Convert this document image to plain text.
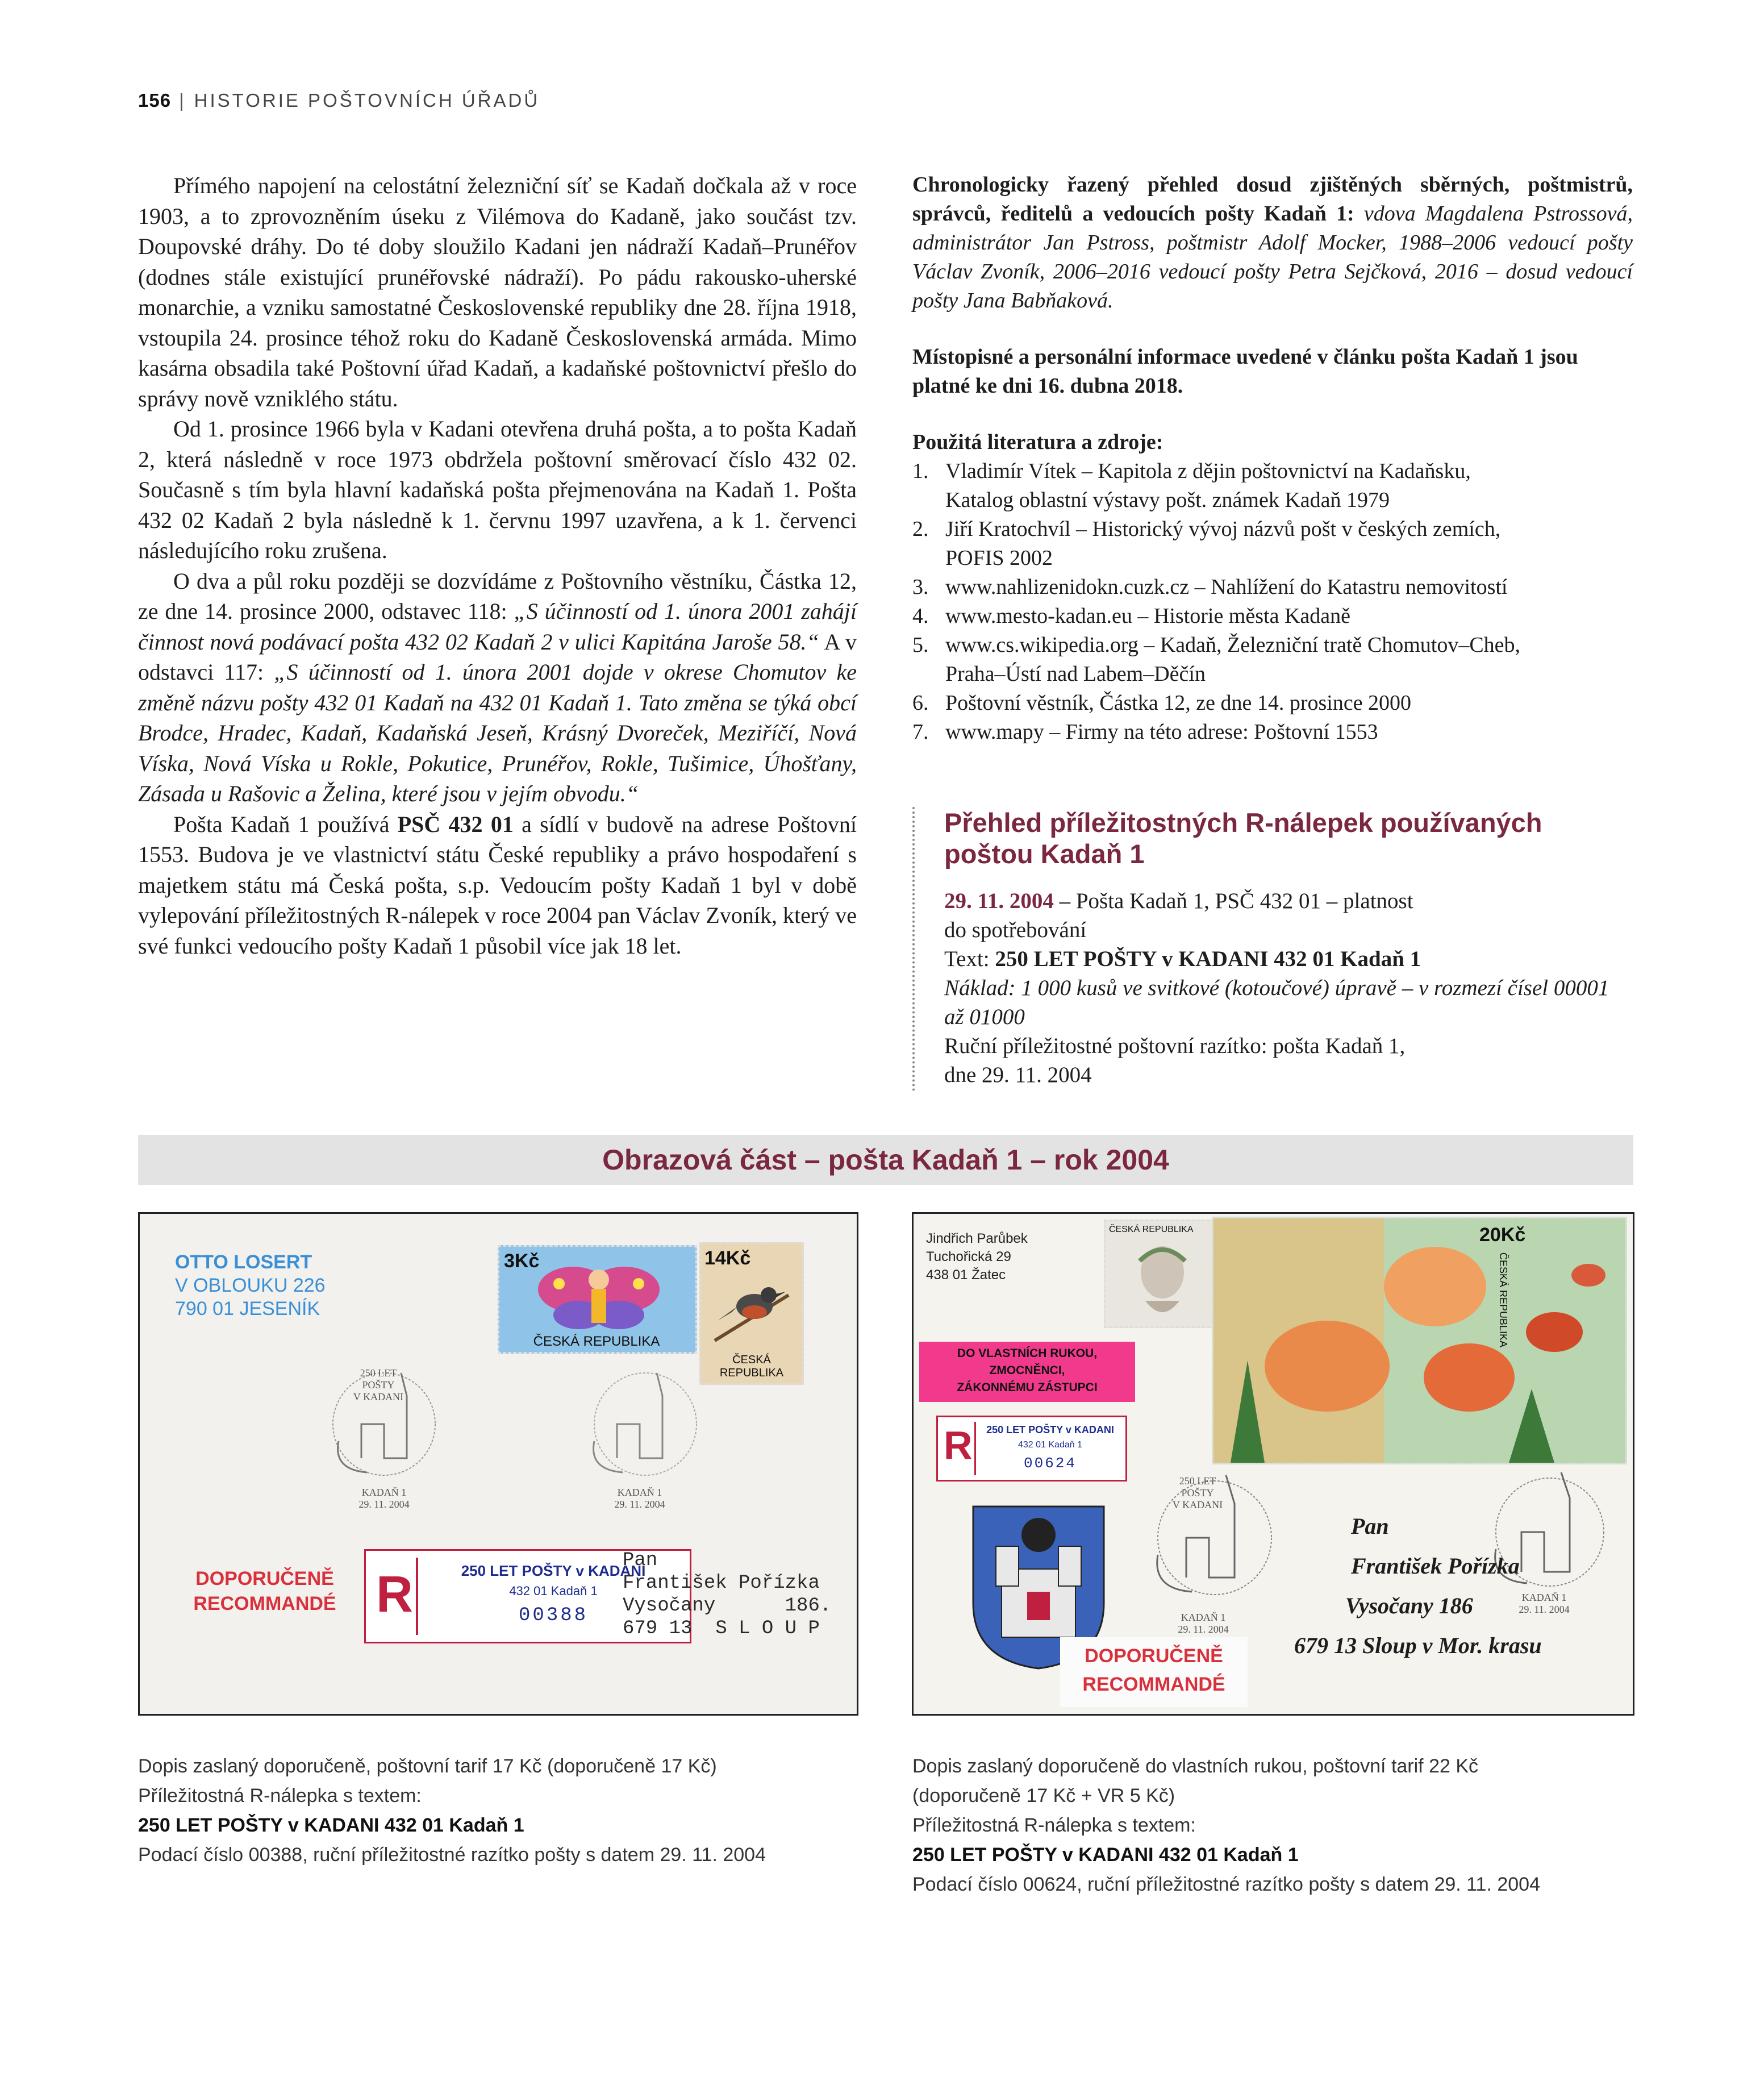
156 | HISTORIE POŠTOVNÍCH ÚŘADŮ

Přímého napojení na celostátní železniční síť se Kadaň dočkala až v roce 1903, a to zprovozněním úseku z Vilémova do Kadaně, jako součást tzv. Doupovské dráhy. Do té doby sloužilo Kadani jen nádraží Kadaň–Prunéřov (dodnes stále existující prunéřovské nádraží). Po pádu rakousko-uherské monarchie, a vzniku samostatné Československé republiky dne 28. října 1918, vstoupila 24. prosince téhož roku do Kadaně Československá armáda. Mimo kasárna obsadila také Poštovní úřad Kadaň, a kadaňské poštovnictví přešlo do správy nově vzniklého státu.

Od 1. prosince 1966 byla v Kadani otevřena druhá pošta, a to pošta Kadaň 2, která následně v roce 1973 obdržela poštovní směrovací číslo 432 02. Současně s tím byla hlavní kadaňská pošta přejmenována na Kadaň 1. Pošta 432 02 Kadaň 2 byla následně k 1. červnu 1997 uzavřena, a k 1. červenci následujícího roku zrušena.

O dva a půl roku později se dozvídáme z Poštovního věstníku, Částka 12, ze dne 14. prosince 2000, odstavec 118: „S účinností od 1. února 2001 zahájí činnost nová podávací pošta 432 02 Kadaň 2 v ulici Kapitána Jaroše 58.“ A v odstavci 117: „S účinností od 1. února 2001 dojde v okrese Chomutov ke změně názvu pošty 432 01 Kadaň na 432 01 Kadaň 1. Tato změna se týká obcí Brodce, Hradec, Kadaň, Kadaňská Jeseň, Krásný Dvoreček, Meziříčí, Nová Víska, Nová Víska u Rokle, Pokutice, Prunéřov, Rokle, Tušimice, Úhošťany, Zásada u Rašovic a Želina, které jsou v jejím obvodu.“

Pošta Kadaň 1 používá PSČ 432 01 a sídlí v budově na adrese Poštovní 1553. Budova je ve vlastnictví státu České republiky a právo hospodaření s majetkem státu má Česká pošta, s.p. Vedoucím pošty Kadaň 1 byl v době vylepování příležitostných R-nálepek v roce 2004 pan Václav Zvoník, který ve své funkci vedoucího pošty Kadaň 1 působil více jak 18 let.

Chronologicky řazený přehled dosud zjištěných sběrných, poštmistrů, správců, ředitelů a vedoucích pošty Kadaň 1: vdova Magdalena Pstrossová, administrátor Jan Pstross, poštmistr Adolf Mocker, 1988–2006 vedoucí pošty Václav Zvoník, 2006–2016 vedoucí pošty Petra Sejčková, 2016 – dosud vedoucí pošty Jana Babňaková.

Místopisné a personální informace uvedené v článku pošta Kadaň 1 jsou platné ke dni 16. dubna 2018.

Použitá literatura a zdroje:

1. Vladimír Vítek – Kapitola z dějin poštovnictví na Kadaňsku,
Katalog oblastní výstavy pošt. známek Kadaň 1979
2. Jiří Kratochvíl – Historický vývoj názvů pošt v českých zemích,
POFIS 2002
3. www.nahlizenidokn.cuzk.cz – Nahlížení do Katastru nemovitostí
4. www.mesto-kadan.eu – Historie města Kadaně
5. www.cs.wikipedia.org – Kadaň, Železniční tratě Chomutov–Cheb,
Praha–Ústí nad Labem–Děčín
6. Poštovní věstník, Částka 12, ze dne 14. prosince 2000
7. www.mapy – Firmy na této adrese: Poštovní 1553
Přehled příležitostných R-nálepek používaných poštou Kadaň 1
29. 11. 2004 – Pošta Kadaň 1, PSČ 432 01 – platnost
do spotřebování
Text: 250 LET POŠTY v KADANI 432 01 Kadaň 1
Náklad: 1 000 kusů ve svitkové (kotoučové) úpravě – v rozmezí čísel 00001 až 01000
Ruční příležitostné poštovní razítko: pošta Kadaň 1,
dne 29. 11. 2004
Obrazová část – pošta Kadaň 1 – rok 2004
OTTO LOSERT
V OBLOUKU 226
790 01 JESENÍK
3Kč
ČESKÁ REPUBLIKA
14Kč
ČESKÁ REPUBLIKA
250 LET
POŠTY
V KADANI
KADAŇ 1
29. 11. 2004
KADAŇ 1
29. 11. 2004
DOPORUČENĚ
RECOMMANDÉ R	250 LET POŠTY v KADANI
432 01 Kadaň 1
00388
Pan
František Pořízka
Vysočany      186.
679 13  S L O U P
Jindřich Parůbek
Tuchořická 29
438 01 Žatec
ČESKÁ REPUBLIKA	20Kč
ČESKÁ REPUBLIKA
DO VLASTNÍCH RUKOU,
ZMOCNĚNCI,
ZÁKONNÉMU ZÁSTUPCI
R	250 LET POŠTY v KADANI
432 01 Kadaň 1
00624
250 LET
POŠTY
V KADANI
KADAŇ 1
29. 11. 2004
KADAŇ 1
29. 11. 2004
DOPORUČENĚ
RECOMMANDÉ
Pan
František Pořízka
Vysočany 186
679 13 Sloup v Mor. krasu
Dopis zaslaný doporučeně, poštovní tarif 17 Kč (doporučeně 17 Kč)
Příležitostná R-nálepka s textem:
250 LET POŠTY v KADANI 432 01 Kadaň 1
Podací číslo 00388, ruční příležitostné razítko pošty s datem 29. 11. 2004
Dopis zaslaný doporučeně do vlastních rukou, poštovní tarif 22 Kč
(doporučeně 17 Kč + VR 5 Kč)
Příležitostná R-nálepka s textem:
250 LET POŠTY v KADANI 432 01 Kadaň 1
Podací číslo 00624, ruční příležitostné razítko pošty s datem 29. 11. 2004
